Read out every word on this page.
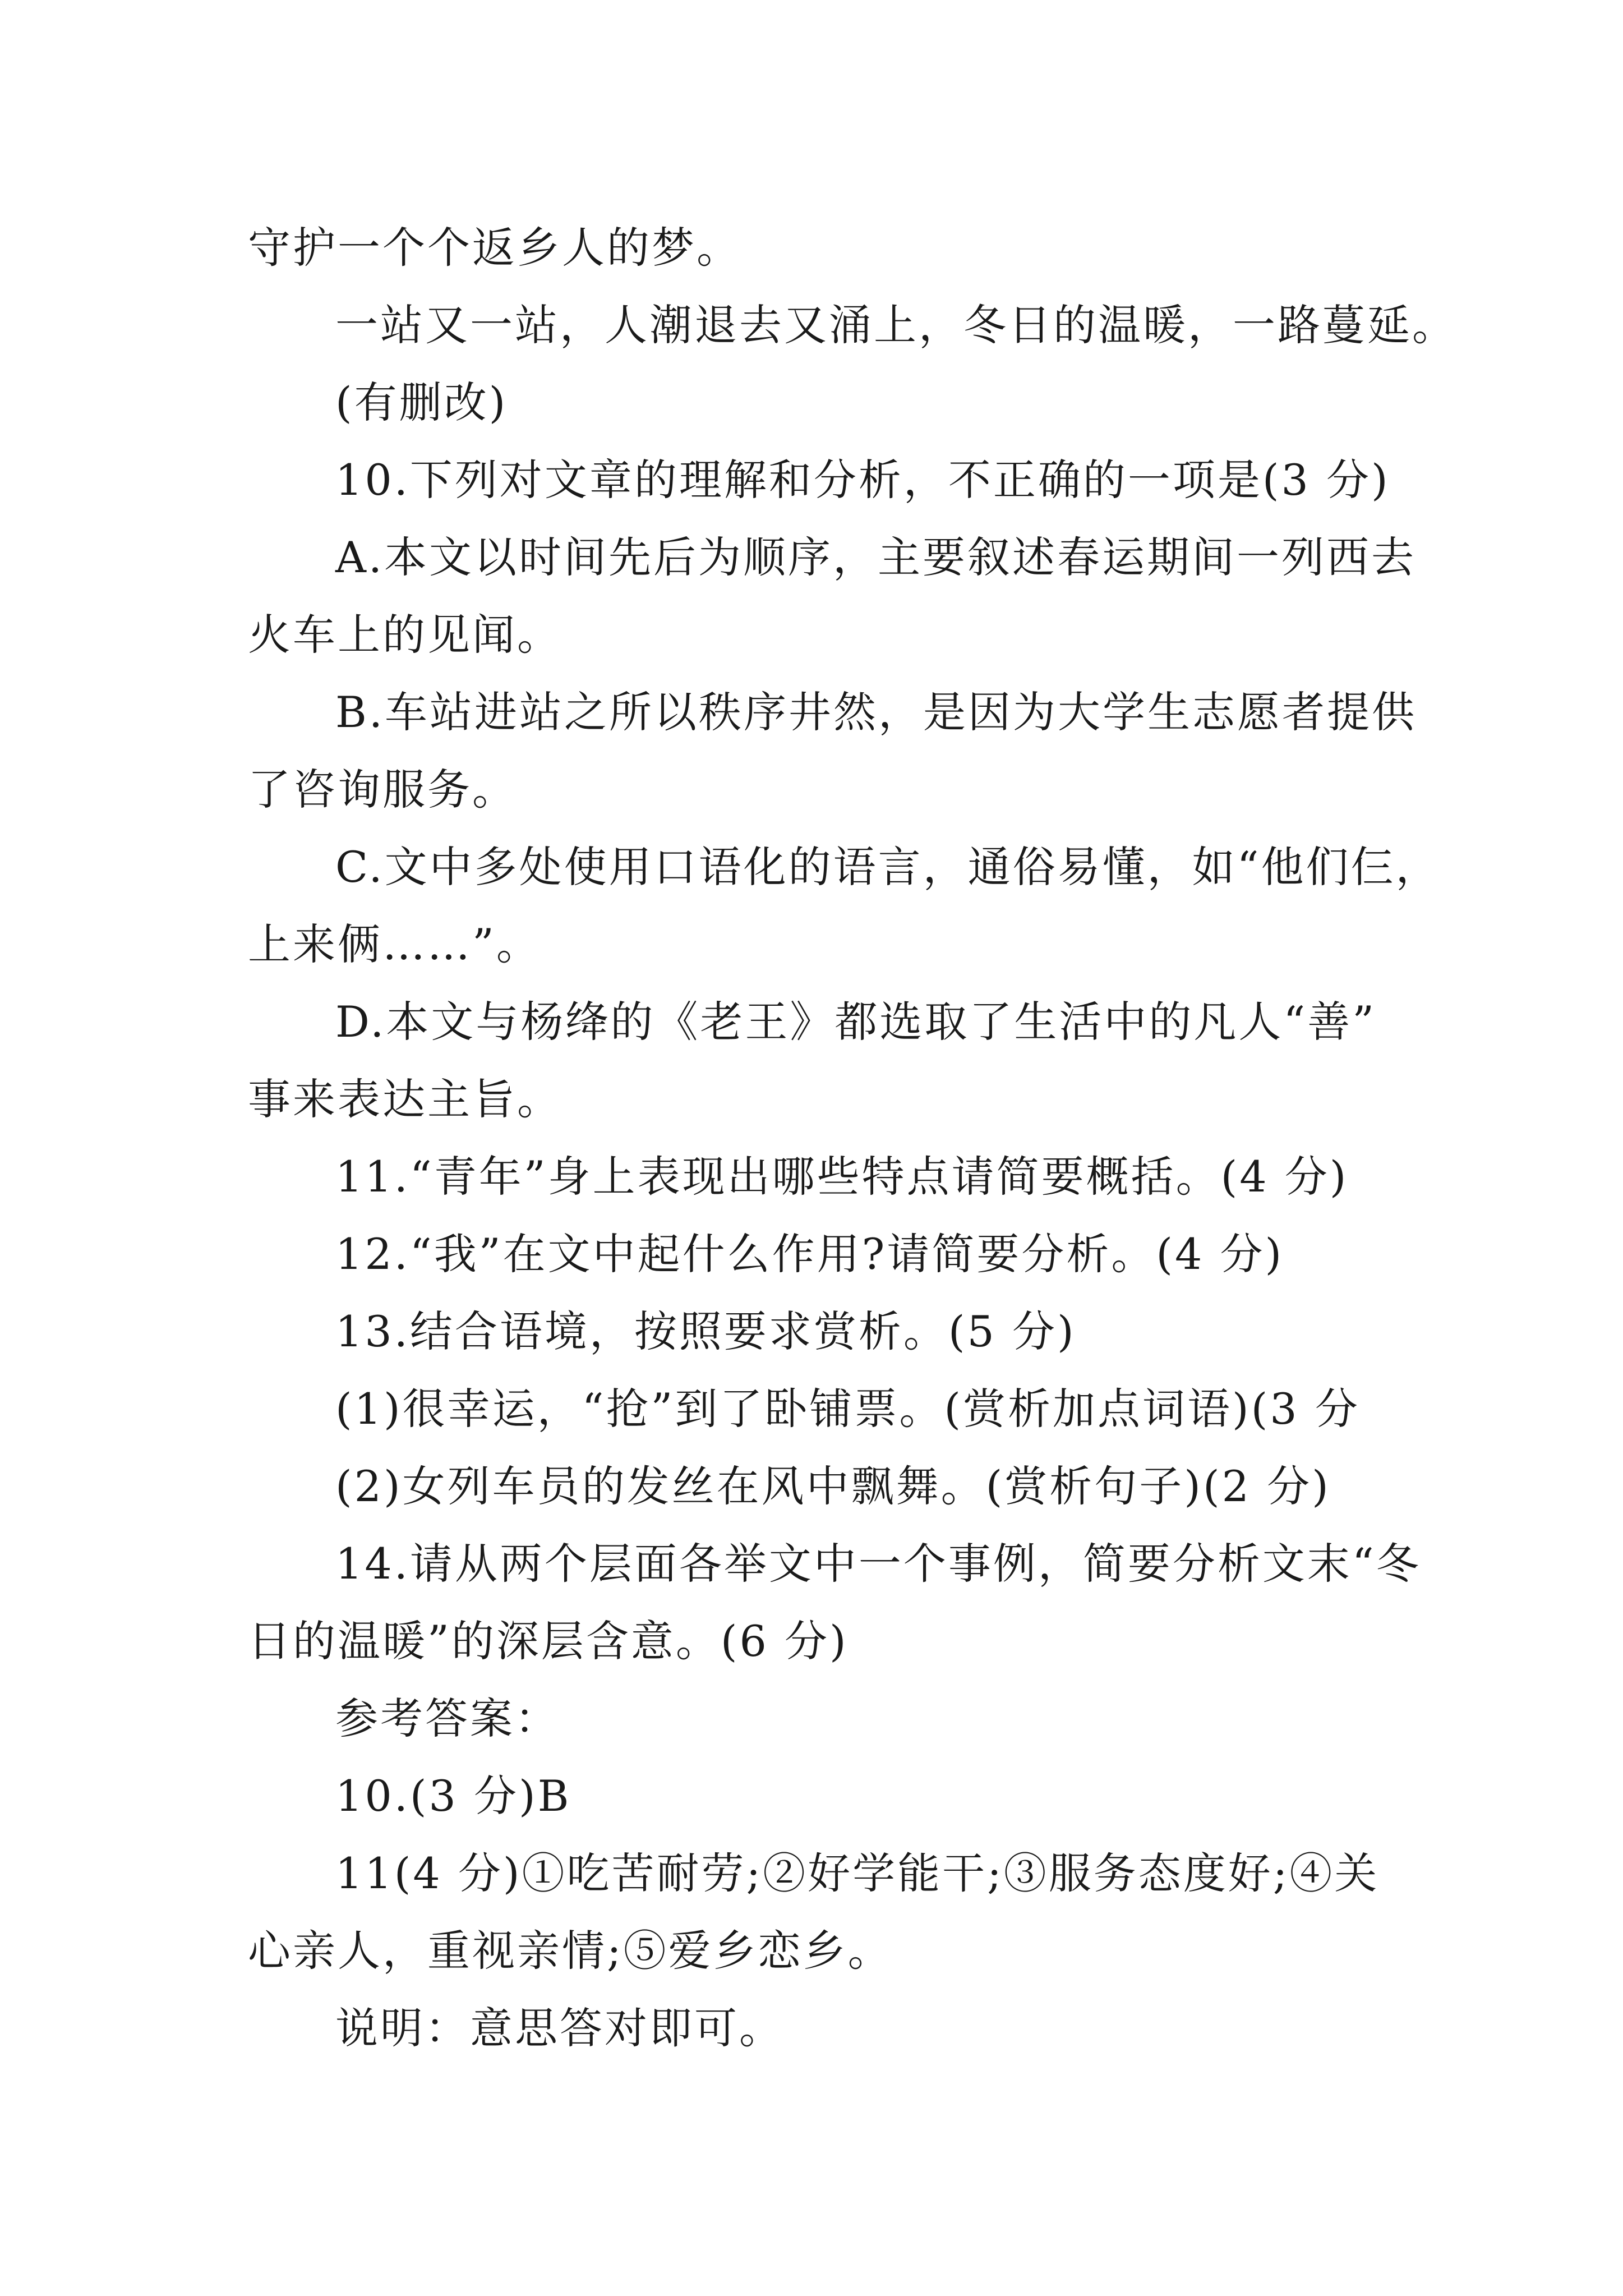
守护一个个返乡人的梦。
一站又一站，人潮退去又涌上，冬日的温暖，一路蔓延。
(有删改)
10.下列对文章的理解和分析，不正确的一项是(3 分)
A.本文以时间先后为顺序，主要叙述春运期间一列西去
火车上的见闻。
B.车站进站之所以秩序井然，是因为大学生志愿者提供
了咨询服务。
C.文中多处使用口语化的语言，通俗易懂，如“他们仨，
上来俩……”。
D.本文与杨绛的《老王》都选取了生活中的凡人“善”
事来表达主旨。
11.“青年”身上表现出哪些特点请简要概括。(4 分)
12.“我”在文中起什么作用?请简要分析。(4 分)
13.结合语境，按照要求赏析。(5 分)
(1)很幸运，“抢”到了卧铺票。(赏析加点词语)(3 分
(2)女列车员的发丝在风中飘舞。(赏析句子)(2 分)
14.请从两个层面各举文中一个事例，简要分析文末“冬
日的温暖”的深层含意。(6 分)
参考答案：
10.(3 分)B
11(4 分)①吃苦耐劳;②好学能干;③服务态度好;④关
心亲人，重视亲情;⑤爱乡恋乡。
说明：意思答对即可。
